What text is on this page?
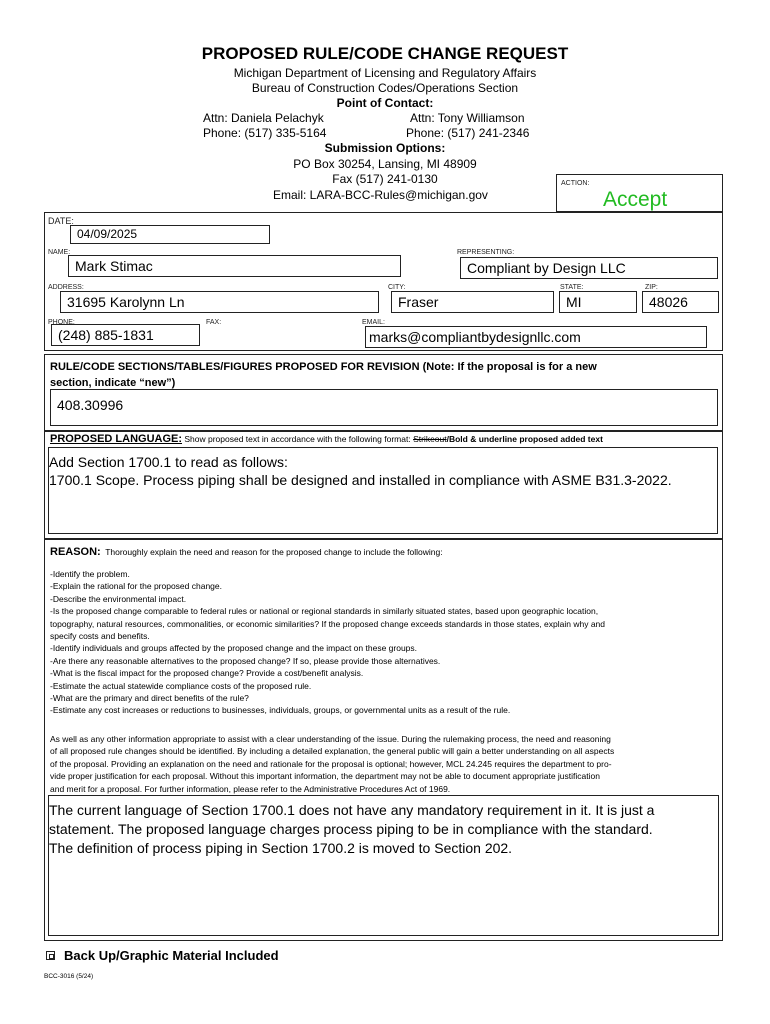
PROPOSED RULE/CODE CHANGE REQUEST
Michigan Department of Licensing and Regulatory Affairs
Bureau of Construction Codes/Operations Section
Point of Contact:
Attn: Daniela Pelachyk
Phone: (517) 335-5164
Attn: Tony Williamson
Phone: (517) 241-2346
Submission Options:
PO Box 30254, Lansing, MI 48909
Fax (517) 241-0130
Email: LARA-BCC-Rules@michigan.gov
ACTION:
Accept
DATE:
04/09/2025
NAME:
Mark Stimac
REPRESENTING:
Compliant by Design LLC
ADDRESS:
31695 Karolynn Ln
CITY:
Fraser
STATE:
MI
ZIP:
48026
PHONE:
(248) 885-1831
FAX:	EMAIL:
marks@compliantbydesignllc.com
RULE/CODE SECTIONS/TABLES/FIGURES PROPOSED FOR REVISION (Note: If the proposal is for a new
section, indicate “new”)
408.30996
PROPOSED LANGUAGE: Show proposed text in accordance with the following format: Strikeout/Bold & underline proposed added text
Add Section 1700.1 to read as follows:
1700.1 Scope. Process piping shall be designed and installed in compliance with ASME B31.3-2022.
REASON: Thoroughly explain the need and reason for the proposed change to include the following:
-Identify the problem.
-Explain the rational for the proposed change.
-Describe the environmental impact.
-Is the proposed change comparable to federal rules or national or regional standards in similarly situated states, based upon geographic location,
topography, natural resources, commonalities, or economic similarities? If the proposed change exceeds standards in those states, explain why and
specify costs and benefits.
-Identify individuals and groups affected by the proposed change and the impact on these groups.
-Are there any reasonable alternatives to the proposed change? If so, please provide those alternatives.
-What is the fiscal impact for the proposed change? Provide a cost/benefit analysis.
-Estimate the actual statewide compliance costs of the proposed rule.
-What are the primary and direct benefits of the rule?
-Estimate any cost increases or reductions to businesses, individuals, groups, or governmental units as a result of the rule.
As well as any other information appropriate to assist with a clear understanding of the issue. During the rulemaking process, the need and reasoning
of all proposed rule changes should be identified. By including a detailed explanation, the general public will gain a better understanding on all aspects
of the proposal. Providing an explanation on the need and rationale for the proposal is optional; however, MCL 24.245 requires the department to pro-
vide proper justification for each proposal. Without this important information, the department may not be able to document appropriate justification
and merit for a proposal. For further information, please refer to the Administrative Procedures Act of 1969.
The current language of Section 1700.1 does not have any mandatory requirement in it. It is just a
statement. The proposed language charges process piping to be in compliance with the standard.
The definition of process piping in Section 1700.2 is moved to Section 202.
Back Up/Graphic Material Included
BCC-3016 (5/24)
